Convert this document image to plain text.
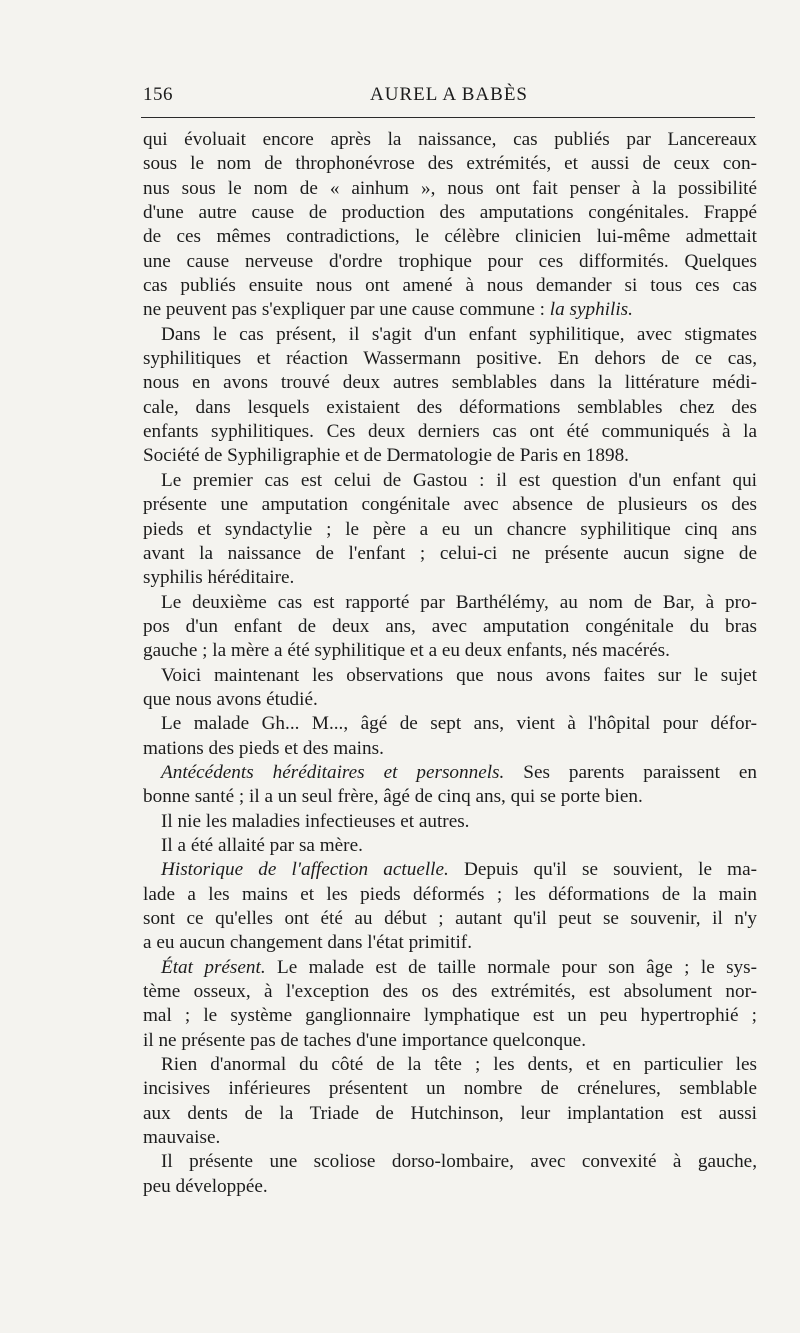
156	AUREL A BABÈS

qui évoluait encore après la naissance, cas publiés par Lancereaux

sous le nom de throphonévrose des extrémités, et aussi de ceux con-

nus sous le nom de « ainhum », nous ont fait penser à la possibilité

d'une autre cause de production des amputations congénitales. Frappé

de ces mêmes contradictions, le célèbre clinicien lui-même admettait

une cause nerveuse d'ordre trophique pour ces difformités. Quelques

cas publiés ensuite nous ont amené à nous demander si tous ces cas

ne peuvent pas s'expliquer par une cause commune : la syphilis.

Dans le cas présent, il s'agit d'un enfant syphilitique, avec stigmates

syphilitiques et réaction Wassermann positive. En dehors de ce cas,

nous en avons trouvé deux autres semblables dans la littérature médi-

cale, dans lesquels existaient des déformations semblables chez des

enfants syphilitiques. Ces deux derniers cas ont été communiqués à la

Société de Syphiligraphie et de Dermatologie de Paris en 1898.

Le premier cas est celui de Gastou : il est question d'un enfant qui

présente une amputation congénitale avec absence de plusieurs os des

pieds et syndactylie ; le père a eu un chancre syphilitique cinq ans

avant la naissance de l'enfant ; celui-ci ne présente aucun signe de

syphilis héréditaire.

Le deuxième cas est rapporté par Barthélémy, au nom de Bar, à pro-

pos d'un enfant de deux ans, avec amputation congénitale du bras

gauche ; la mère a été syphilitique et a eu deux enfants, nés macérés.

Voici maintenant les observations que nous avons faites sur le sujet

que nous avons étudié.

Le malade Gh... M..., âgé de sept ans, vient à l'hôpital pour défor-

mations des pieds et des mains.

Antécédents héréditaires et personnels. Ses parents paraissent en

bonne santé ; il a un seul frère, âgé de cinq ans, qui se porte bien.

Il nie les maladies infectieuses et autres.

Il a été allaité par sa mère.

Historique de l'affection actuelle. Depuis qu'il se souvient, le ma-

lade a les mains et les pieds déformés ; les déformations de la main

sont ce qu'elles ont été au début ; autant qu'il peut se souvenir, il n'y

a eu aucun changement dans l'état primitif.

État présent. Le malade est de taille normale pour son âge ; le sys-

tème osseux, à l'exception des os des extrémités, est absolument nor-

mal ; le système ganglionnaire lymphatique est un peu hypertrophié ;

il ne présente pas de taches d'une importance quelconque.

Rien d'anormal du côté de la tête ; les dents, et en particulier les

incisives inférieures présentent un nombre de crénelures, semblable

aux dents de la Triade de Hutchinson, leur implantation est aussi

mauvaise.

Il présente une scoliose dorso-lombaire, avec convexité à gauche,

peu développée.
